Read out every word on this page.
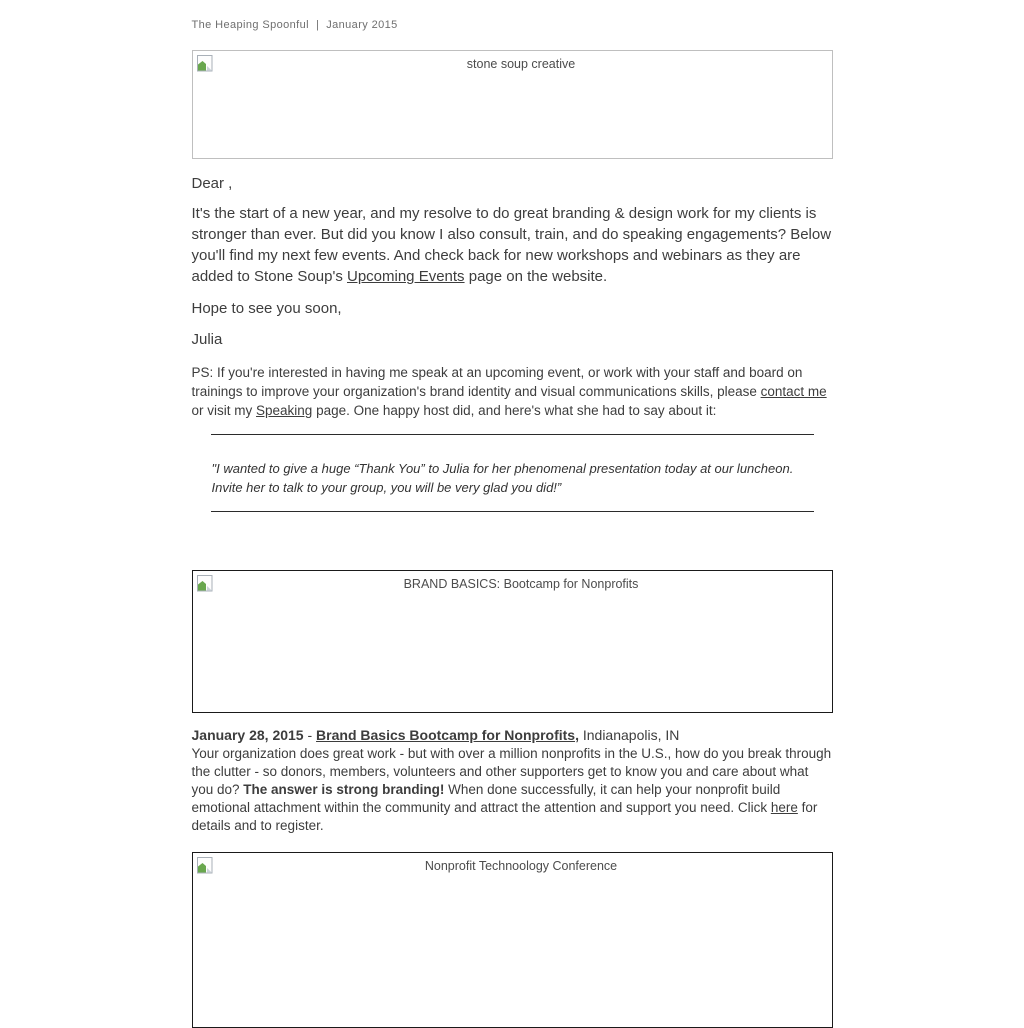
The Heaping Spoonful | January 2015
stone soup creative

Dear ,

It's the start of a new year, and my resolve to do great branding & design work for my clients is stronger than ever. But did you know I also consult, train, and do speaking engagements? Below you'll find my next few events. And check back for new workshops and webinars as they are added to Stone Soup's Upcoming Events page on the website.

Hope to see you soon,

Julia

PS: If you're interested in having me speak at an upcoming event, or work with your staff and board on trainings to improve your organization's brand identity and visual communications skills, please contact me or visit my Speaking page. One happy host did, and here's what she had to say about it:

"I wanted to give a huge “Thank You” to Julia for her phenomenal presentation today at our luncheon. Invite her to talk to your group, you will be very glad you did!”

BRAND BASICS: Bootcamp for Nonprofits
January 28, 2015 - Brand Basics Bootcamp for Nonprofits, Indianapolis, IN
Your organization does great work - but with over a million nonprofits in the U.S., how do you break through the clutter - so donors, members, volunteers and other supporters get to know you and care about what you do? The answer is strong branding! When done successfully, it can help your nonprofit build emotional attachment within the community and attract the attention and support you need. Click here for details and to register.
Nonprofit Technoology Conference
